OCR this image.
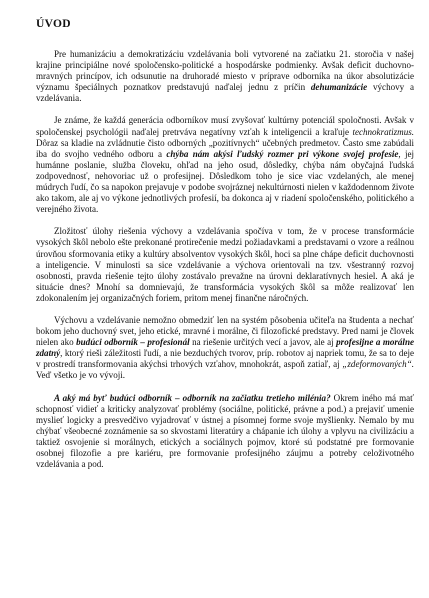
ÚVOD

Pre humanizáciu a demokratizáciu vzdelávania boli vytvorené na začiatku 21. storočia v našej krajine principiálne nové spoločensko-politické a hospodárske podmienky. Avšak deficit duchovno-mravných princípov, ich odsunutie na druhoradé miesto v príprave odborníka na úkor absolutizácie významu špeciálnych poznatkov predstavujú naďalej jednu z príčin dehumanizácie výchovy a vzdelávania.

Je známe, že každá generácia odborníkov musí zvyšovať kultúrny potenciál spoločnosti. Avšak v spoločenskej psychológii naďalej pretrváva negatívny vzťah k inteligencii a kraľuje technokratizmus. Dôraz sa kladie na zvládnutie čisto odborných „pozitívnych“ učebných predmetov. Často sme zabúdali iba do svojho vedného odboru a chýba nám akýsi ľudský rozmer pri výkone svojej profesie, jej humánne poslanie, služba človeku, ohľad na jeho osud, dôsledky, chýba nám obyčajná ľudská zodpovednosť, nehovoriac už o profesijnej. Dôsledkom toho je sice viac vzdelaných, ale menej múdrych ľudí, čo sa napokon prejavuje v podobe svojráznej nekultúrnosti nielen v každodennom živote ako takom, ale aj vo výkone jednotlivých profesií, ba dokonca aj v riadení spoločenského, politického a verejného života.

Zložitosť úlohy riešenia výchovy a vzdelávania spočíva v tom, že v procese transformácie vysokých škôl nebolo ešte prekonané protirečenie medzi požiadavkami a predstavami o vzore a reálnou úrovňou sformovania etiky a kultúry absolventov vysokých škôl, hoci sa plne chápe deficit duchovnosti a inteligencie. V minulosti sa sice vzdelávanie a výchova orientovali na tzv. všestranný rozvoj osobnosti, pravda riešenie tejto úlohy zostávalo prevažne na úrovni deklaratívnych hesiel. A aká je situácie dnes? Mnohí sa domnievajú, že transformácia vysokých škôl sa môže realizovať len zdokonalením jej organizačných foriem, pritom menej finančne náročných.

Výchovu a vzdelávanie nemožno obmedziť len na systém pôsobenia učiteľa na študenta a nechať bokom jeho duchovný svet, jeho etické, mravné i morálne, či filozofické predstavy. Pred nami je človek nielen ako budúci odborník – profesionál na riešenie určitých vecí a javov, ale aj profesijne a morálne zdatný, ktorý rieši záležitosti ľudí, a nie bezduchých tvorov, príp. robotov aj napriek tomu, že sa to deje v prostredí transformovania akýchsi trhových vzťahov, mnohokrát, aspoň zatiaľ, aj „zdeformovaných“. Veď všetko je vo vývoji.

A aký má byť budúci odborník – odborník na začiatku tretieho milénia? Okrem iného má mať schopnosť vidieť a kriticky analyzovať problémy (sociálne, politické, právne a pod.) a prejaviť umenie myslieť logicky a presvedčivo vyjadrovať v ústnej a písomnej forme svoje myšlienky. Nemalo by mu chýbať všeobecné zoznámenie sa so skvostami literatúry a chápanie ich úlohy a vplyvu na civilizáciu a taktiež osvojenie si morálnych, etických a sociálnych pojmov, ktoré sú podstatné pre formovanie osobnej filozofie a pre kariéru, pre formovanie profesijného záujmu a potreby celoživotného vzdelávania a pod.
